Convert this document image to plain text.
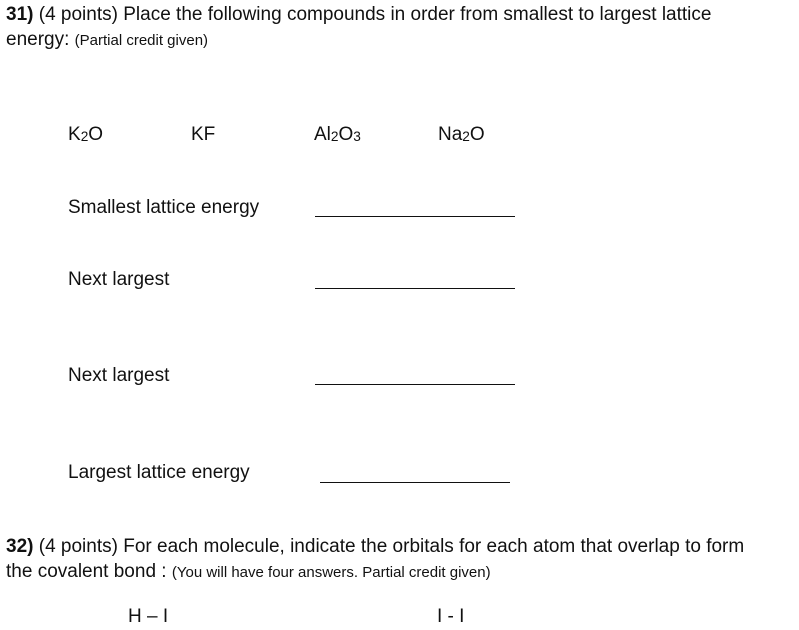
31) (4 points) Place the following compounds in order from smallest to largest lattice
energy: (Partial credit given)
$K_2O$	KF	$Al_2O_3$	$Na_2O$
Smallest lattice energy
Next largest
Next largest
Largest lattice energy
32) (4 points) For each molecule, indicate the orbitals for each atom that overlap to form
the covalent bond : (You will have four answers. Partial credit given)
H – I	I - I
